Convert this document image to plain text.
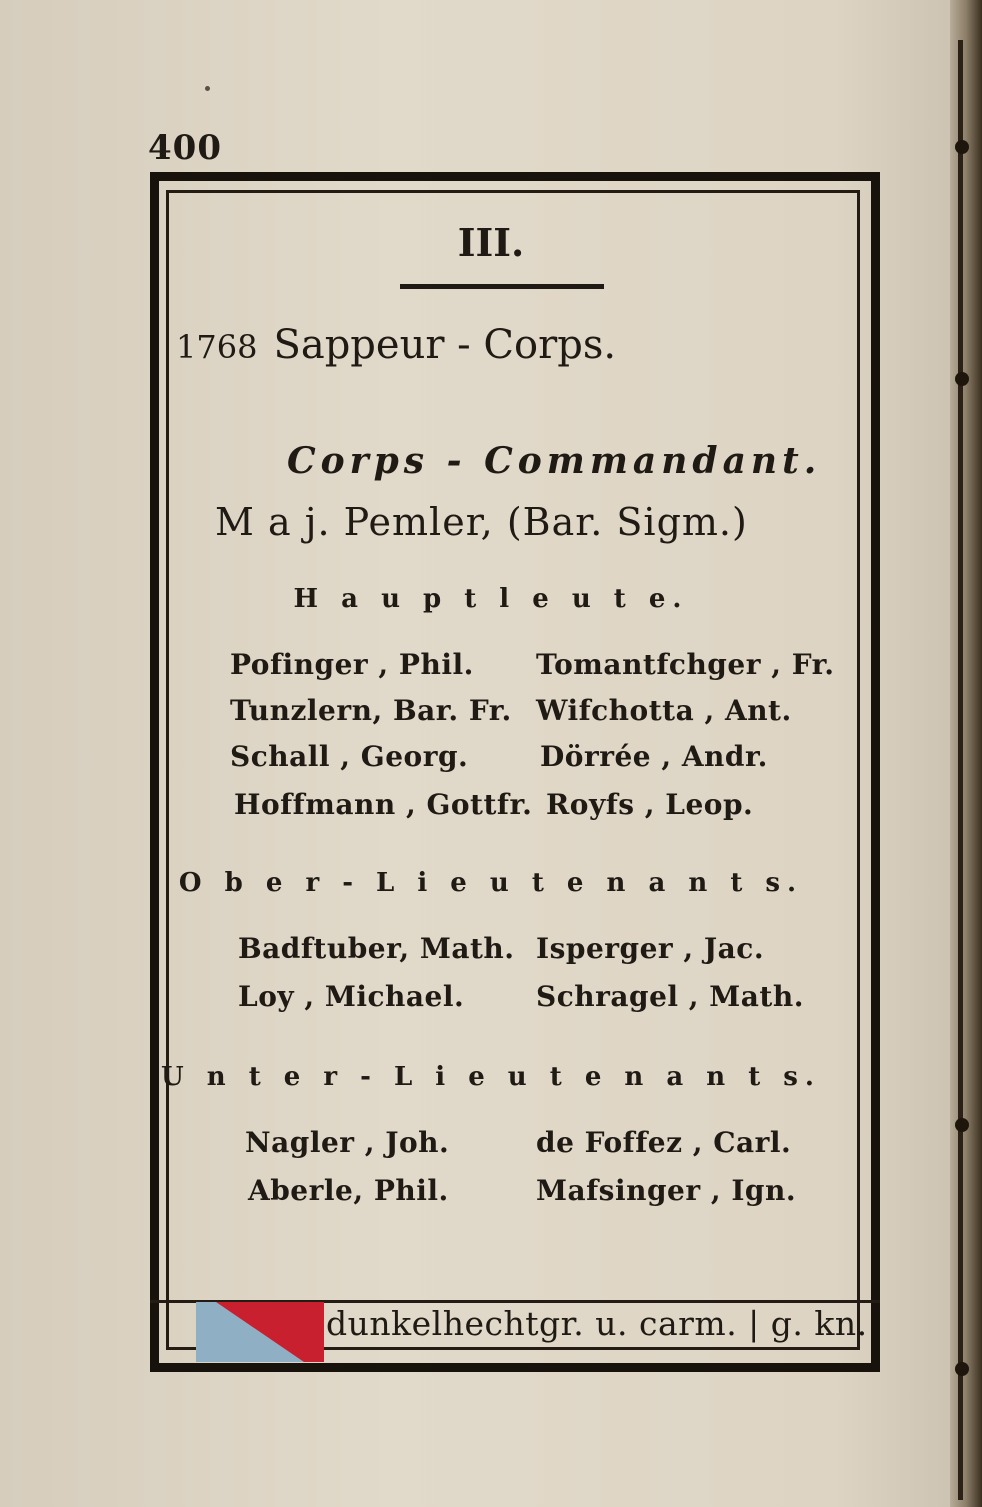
400
III.
1768 Sappeur - Corps.
Corps - Commandant.
M a j. Pemler, (Bar. Sigm.)
H a u p t l e u t e.
Pofinger , Phil.
Tunzlern, Bar. Fr.
Schall , Georg.
Hoffmann , Gottfr.
Tomantfchger , Fr.
Wifchotta , Ant.
Dörrée , Andr.
Royfs , Leop.
O b e r - L i e u t e n a n t s.
Badftuber, Math.
Loy , Michael.
Isperger , Jac.
Schragel , Math.
U n t e r - L i e u t e n a n t s.
Nagler , Joh.
Aberle, Phil.
de Foffez , Carl.
Mafsinger , Ign.
dunkelhechtgr. u. carm. | g. kn.
